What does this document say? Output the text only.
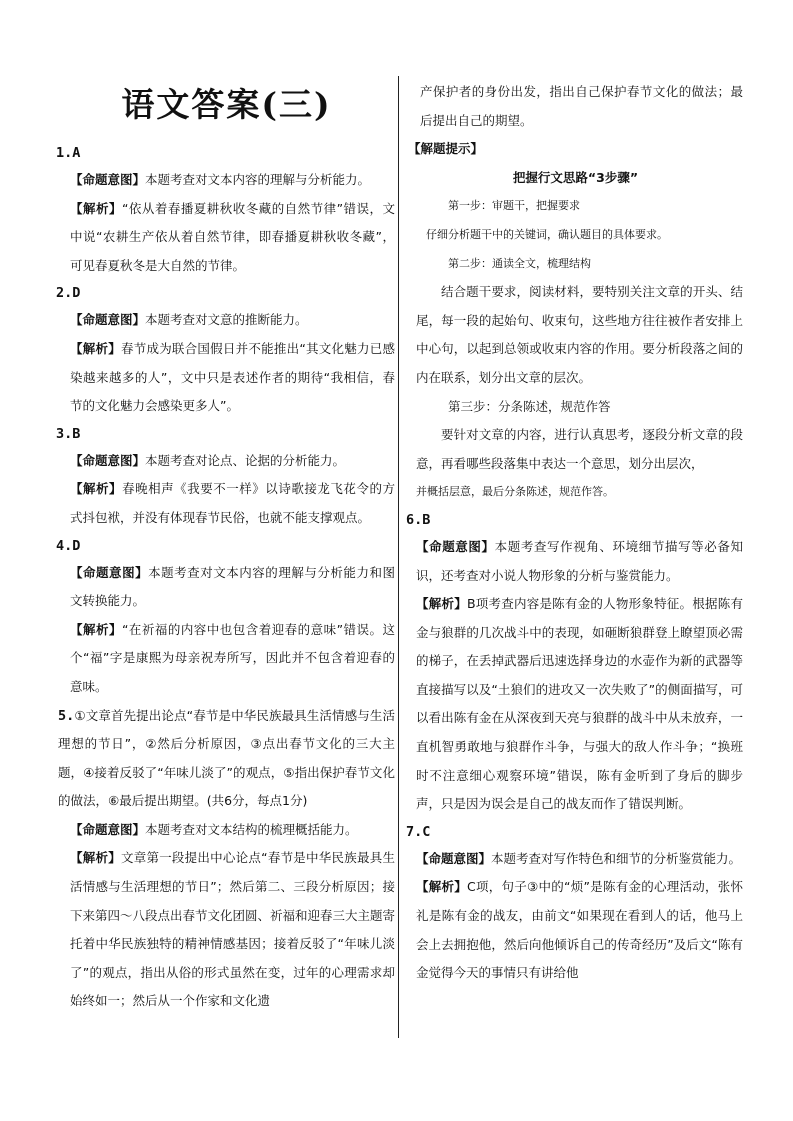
语文答案(三)
1.A

【命题意图】本题考查对文本内容的理解与分析能力。

【解析】“依从着春播夏耕秋收冬藏的自然节律”错误，文中说“农耕生产依从着自然节律，即春播夏耕秋收冬藏”，可见春夏秋冬是大自然的节律。

2.D

【命题意图】本题考查对文意的推断能力。

【解析】春节成为联合国假日并不能推出“其文化魅力已感染越来越多的人”，文中只是表述作者的期待“我相信，春节的文化魅力会感染更多人”。

3.B

【命题意图】本题考查对论点、论据的分析能力。

【解析】春晚相声《我要不一样》以诗歌接龙飞花令的方式抖包袱，并没有体现春节民俗，也就不能支撑观点。

4.D

【命题意图】本题考查对文本内容的理解与分析能力和图文转换能力。

【解析】“在祈福的内容中也包含着迎春的意味”错误。这个“福”字是康熙为母亲祝寿所写，因此并不包含着迎春的意味。

5.①文章首先提出论点“春节是中华民族最具生活情感与生活理想的节日”，②然后分析原因，③点出春节文化的三大主题，④接着反驳了“年味儿淡了”的观点，⑤指出保护春节文化的做法，⑥最后提出期望。(共6分，每点1分)

【命题意图】本题考查对文本结构的梳理概括能力。

【解析】文章第一段提出中心论点“春节是中华民族最具生活情感与生活理想的节日”；然后第二、三段分析原因；接下来第四～八段点出春节文化团圆、祈福和迎春三大主题寄托着中华民族独特的精神情感基因；接着反驳了“年味儿淡了”的观点，指出从俗的形式虽然在变，过年的心理需求却始终如一；然后从一个作家和文化遗

产保护者的身份出发，指出自己保护春节文化的做法；最后提出自己的期望。

【解题提示】
把握行文思路“3步骤”
第一步：审题干，把握要求
仔细分析题干中的关键词，确认题目的具体要求。
第二步：通读全文，梳理结构

结合题干要求，阅读材料，要特别关注文章的开头、结尾，每一段的起始句、收束句，这些地方往往被作者安排上中心句，以起到总领或收束内容的作用。要分析段落之间的内在联系，划分出文章的层次。

第三步：分条陈述，规范作答

要针对文章的内容，进行认真思考，逐段分析文章的段意，再看哪些段落集中表达一个意思，划分出层次，

并概括层意，最后分条陈述，规范作答。
6.B

【命题意图】本题考查写作视角、环境细节描写等必备知识，还考查对小说人物形象的分析与鉴赏能力。

【解析】B项考查内容是陈有金的人物形象特征。根据陈有金与狼群的几次战斗中的表现，如砸断狼群登上瞭望顶必需的梯子，在丢掉武器后迅速选择身边的水壶作为新的武器等直接描写以及“土狼们的进攻又一次失败了”的侧面描写，可以看出陈有金在从深夜到天亮与狼群的战斗中从未放弃，一直机智勇敢地与狼群作斗争，与强大的敌人作斗争；“换班时不注意细心观察环境”错误，陈有金听到了身后的脚步声，只是因为误会是自己的战友而作了错误判断。

7.C

【命题意图】本题考查对写作特色和细节的分析鉴赏能力。

【解析】C项，句子③中的“烦”是陈有金的心理活动，张怀礼是陈有金的战友，由前文“如果现在看到人的话，他马上会上去拥抱他，然后向他倾诉自己的传奇经历”及后文“陈有金觉得今天的事情只有讲给他
